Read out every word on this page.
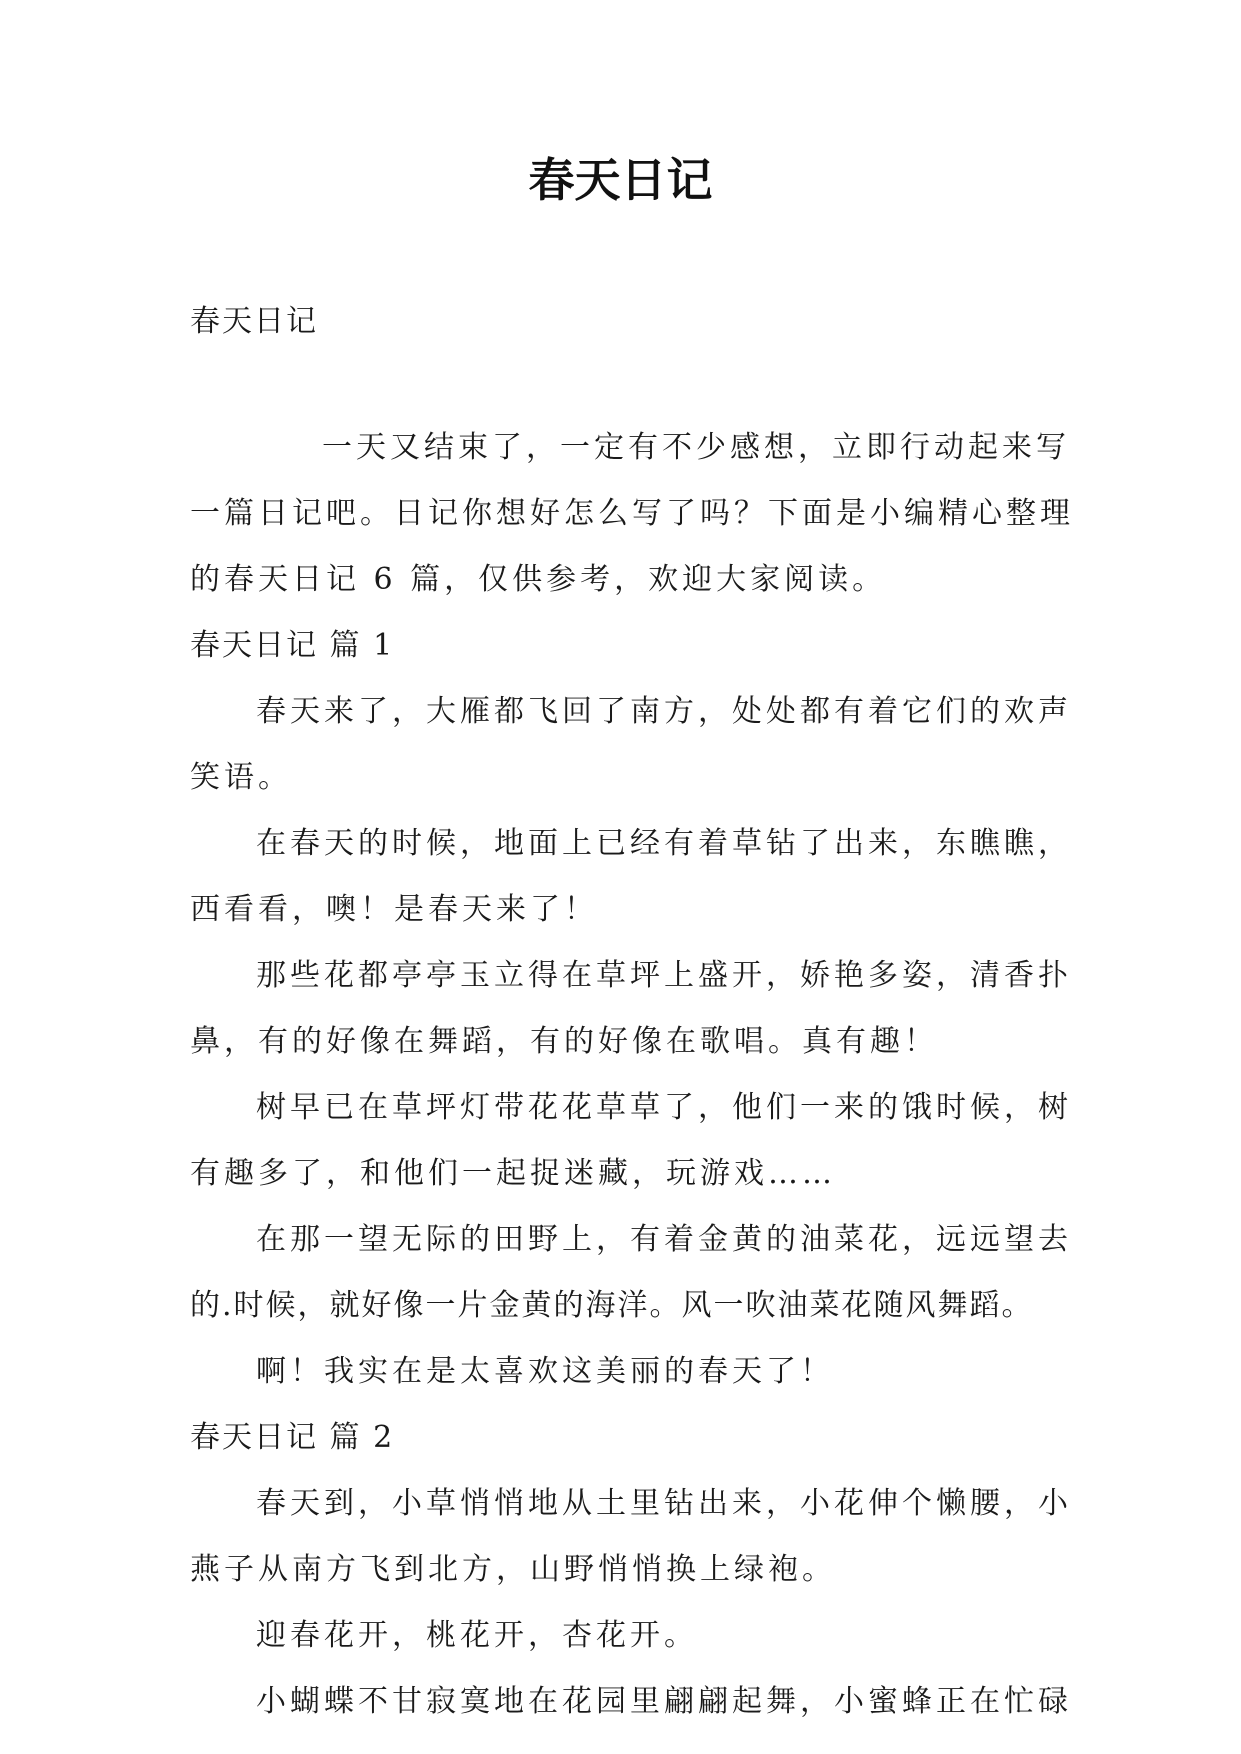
春天日记

春天日记

一天又结束了，一定有不少感想，立即行动起来写

一篇日记吧。日记你想好怎么写了吗？下面是小编精心整理

的春天日记 6 篇，仅供参考，欢迎大家阅读。

春天日记 篇 1

春天来了，大雁都飞回了南方，处处都有着它们的欢声

笑语。

在春天的时候，地面上已经有着草钻了出来，东瞧瞧，

西看看，噢！是春天来了！

那些花都亭亭玉立得在草坪上盛开，娇艳多姿，清香扑

鼻，有的好像在舞蹈，有的好像在歌唱。真有趣！

树早已在草坪灯带花花草草了，他们一来的饿时候，树

有趣多了，和他们一起捉迷藏，玩游戏……

在那一望无际的田野上，有着金黄的油菜花，远远望去

的.时候，就好像一片金黄的海洋。风一吹油菜花随风舞蹈。

啊！我实在是太喜欢这美丽的春天了！

春天日记 篇 2

春天到，小草悄悄地从土里钻出来，小花伸个懒腰，小

燕子从南方飞到北方，山野悄悄换上绿袍。

迎春花开，桃花开，杏花开。

小蝴蝶不甘寂寞地在花园里翩翩起舞，小蜜蜂正在忙碌
